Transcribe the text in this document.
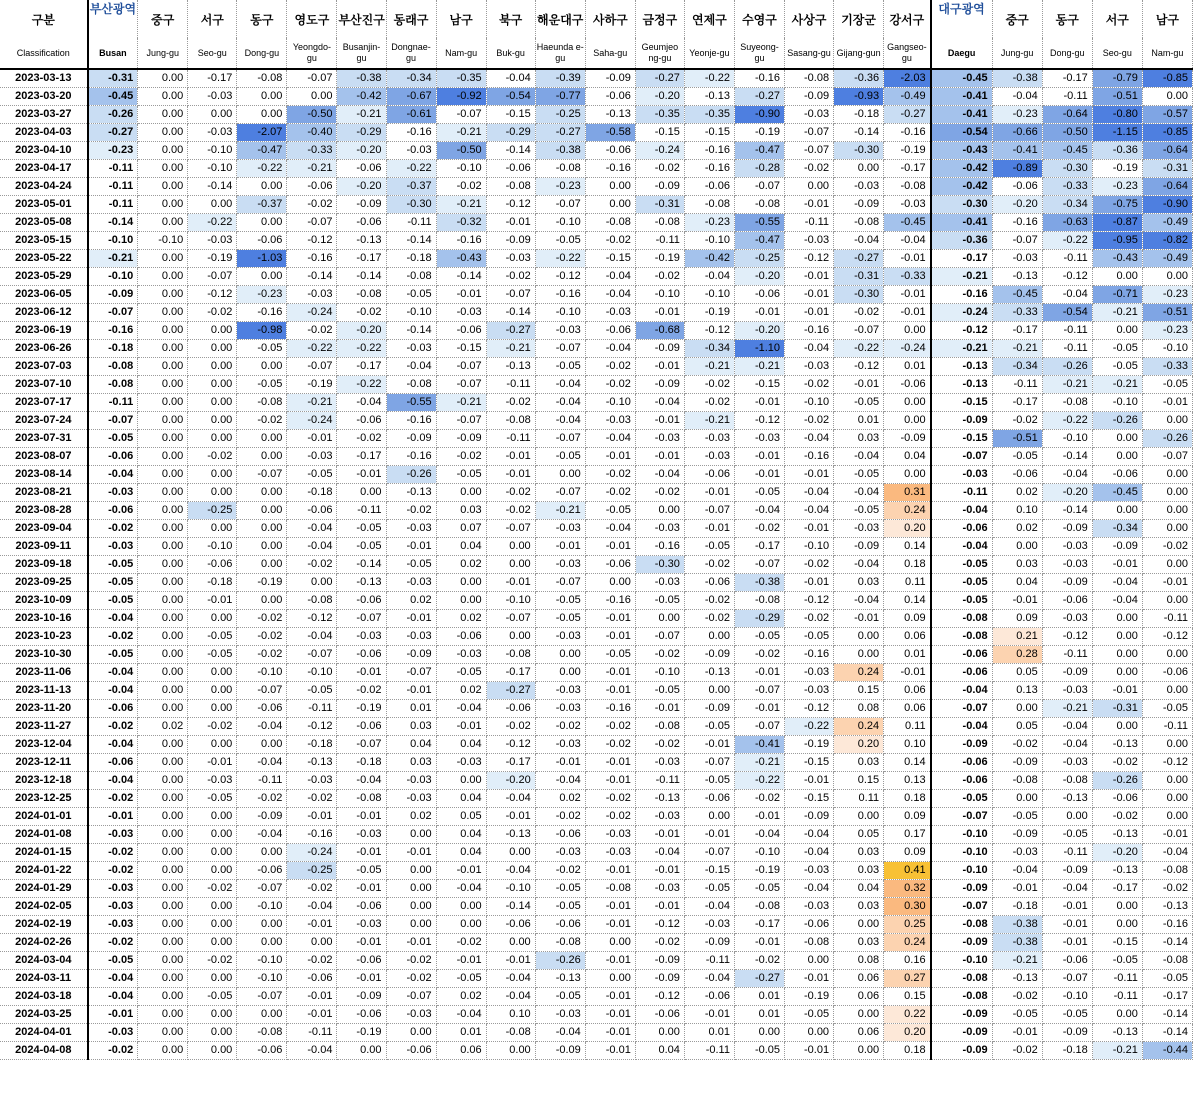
구분	부산광역	중구	서구	동구	영도구	부산진구	동래구	남구	북구	해운대구	사하구	금정구	연제구	수영구	사상구	기장군	강서구	대구광역	중구	동구	서구	남구
Classification	Busan	Jung-gu	Seo-gu	Dong-gu	Yeongdo-gu	Busanjin-gu	Dongnae-gu	Nam-gu	Buk-gu	Haeunda e-gu	Saha-gu	Geumjeo ng-gu	Yeonje-gu	Suyeong-gu	Sasang-gu	Gijang-gun	Gangseo-gu	Daegu	Jung-gu	Dong-gu	Seo-gu	Nam-gu
2023-03-13	-0.31	0.00	-0.17	-0.08	-0.07	-0.38	-0.34	-0.35	-0.04	-0.39	-0.09	-0.27	-0.22	-0.16	-0.08	-0.36	-2.03	-0.45	-0.38	-0.17	-0.79	-0.85
2023-03-20	-0.45	0.00	-0.03	0.00	0.00	-0.42	-0.67	-0.92	-0.54	-0.77	-0.06	-0.20	-0.13	-0.27	-0.09	-0.93	-0.49	-0.41	-0.04	-0.11	-0.51	0.00
2023-03-27	-0.26	0.00	0.00	0.00	-0.50	-0.21	-0.61	-0.07	-0.15	-0.25	-0.13	-0.35	-0.35	-0.90	-0.03	-0.18	-0.27	-0.41	-0.23	-0.64	-0.80	-0.57
2023-04-03	-0.27	0.00	-0.03	-2.07	-0.40	-0.29	-0.16	-0.21	-0.29	-0.27	-0.58	-0.15	-0.15	-0.19	-0.07	-0.14	-0.16	-0.54	-0.66	-0.50	-1.15	-0.85
2023-04-10	-0.23	0.00	-0.10	-0.47	-0.33	-0.20	-0.03	-0.50	-0.14	-0.38	-0.06	-0.24	-0.16	-0.47	-0.07	-0.30	-0.19	-0.43	-0.41	-0.45	-0.36	-0.64
2023-04-17	-0.11	0.00	-0.10	-0.22	-0.21	-0.06	-0.22	-0.10	-0.06	-0.08	-0.16	-0.02	-0.16	-0.28	-0.02	0.00	-0.17	-0.42	-0.89	-0.30	-0.19	-0.31
2023-04-24	-0.11	0.00	-0.14	0.00	-0.06	-0.20	-0.37	-0.02	-0.08	-0.23	0.00	-0.09	-0.06	-0.07	0.00	-0.03	-0.08	-0.42	-0.06	-0.33	-0.23	-0.64
2023-05-01	-0.11	0.00	0.00	-0.37	-0.02	-0.09	-0.30	-0.21	-0.12	-0.07	0.00	-0.31	-0.08	-0.08	-0.01	-0.09	-0.03	-0.30	-0.20	-0.34	-0.75	-0.90
2023-05-08	-0.14	0.00	-0.22	0.00	-0.07	-0.06	-0.11	-0.32	-0.01	-0.10	-0.08	-0.08	-0.23	-0.55	-0.11	-0.08	-0.45	-0.41	-0.16	-0.63	-0.87	-0.49
2023-05-15	-0.10	-0.10	-0.03	-0.06	-0.12	-0.13	-0.14	-0.16	-0.09	-0.05	-0.02	-0.11	-0.10	-0.47	-0.03	-0.04	-0.04	-0.36	-0.07	-0.22	-0.95	-0.82
2023-05-22	-0.21	0.00	-0.19	-1.03	-0.16	-0.17	-0.18	-0.43	-0.03	-0.22	-0.15	-0.19	-0.42	-0.25	-0.12	-0.27	-0.01	-0.17	-0.03	-0.11	-0.43	-0.49
2023-05-29	-0.10	0.00	-0.07	0.00	-0.14	-0.14	-0.08	-0.14	-0.02	-0.12	-0.04	-0.02	-0.04	-0.20	-0.01	-0.31	-0.33	-0.21	-0.13	-0.12	0.00	0.00
2023-06-05	-0.09	0.00	-0.12	-0.23	-0.03	-0.08	-0.05	-0.01	-0.07	-0.16	-0.04	-0.10	-0.10	-0.06	-0.01	-0.30	-0.01	-0.16	-0.45	-0.04	-0.71	-0.23
2023-06-12	-0.07	0.00	-0.02	-0.16	-0.24	-0.02	-0.10	-0.03	-0.14	-0.10	-0.03	-0.01	-0.19	-0.01	-0.01	-0.02	-0.01	-0.24	-0.33	-0.54	-0.21	-0.51
2023-06-19	-0.16	0.00	0.00	-0.98	-0.02	-0.20	-0.14	-0.06	-0.27	-0.03	-0.06	-0.68	-0.12	-0.20	-0.16	-0.07	0.00	-0.12	-0.17	-0.11	0.00	-0.23
2023-06-26	-0.18	0.00	0.00	-0.05	-0.22	-0.22	-0.03	-0.15	-0.21	-0.07	-0.04	-0.09	-0.34	-1.10	-0.04	-0.22	-0.24	-0.21	-0.21	-0.11	-0.05	-0.10
2023-07-03	-0.08	0.00	0.00	0.00	-0.07	-0.17	-0.04	-0.07	-0.13	-0.05	-0.02	-0.01	-0.21	-0.21	-0.03	-0.12	0.01	-0.13	-0.34	-0.26	-0.05	-0.33
2023-07-10	-0.08	0.00	0.00	-0.05	-0.19	-0.22	-0.08	-0.07	-0.11	-0.04	-0.02	-0.09	-0.02	-0.15	-0.02	-0.01	-0.06	-0.13	-0.11	-0.21	-0.21	-0.05
2023-07-17	-0.11	0.00	0.00	-0.08	-0.21	-0.04	-0.55	-0.21	-0.02	-0.04	-0.10	-0.04	-0.02	-0.01	-0.10	-0.05	0.00	-0.15	-0.17	-0.08	-0.10	-0.01
2023-07-24	-0.07	0.00	0.00	-0.02	-0.24	-0.06	-0.16	-0.07	-0.08	-0.04	-0.03	-0.01	-0.21	-0.12	-0.02	0.01	0.00	-0.09	-0.02	-0.22	-0.26	0.00
2023-07-31	-0.05	0.00	0.00	0.00	-0.01	-0.02	-0.09	-0.09	-0.11	-0.07	-0.04	-0.03	-0.03	-0.03	-0.04	0.03	-0.09	-0.15	-0.51	-0.10	0.00	-0.26
2023-08-07	-0.06	0.00	-0.02	0.00	-0.03	-0.17	-0.16	-0.02	-0.01	-0.05	-0.01	-0.01	-0.03	-0.01	-0.16	-0.04	0.04	-0.07	-0.05	-0.14	0.00	-0.07
2023-08-14	-0.04	0.00	0.00	-0.07	-0.05	-0.01	-0.26	-0.05	-0.01	0.00	-0.02	-0.04	-0.06	-0.01	-0.01	-0.05	0.00	-0.03	-0.06	-0.04	-0.06	0.00
2023-08-21	-0.03	0.00	0.00	0.00	-0.18	0.00	-0.13	0.00	-0.02	-0.07	-0.02	-0.02	-0.01	-0.05	-0.04	-0.04	0.31	-0.11	0.02	-0.20	-0.45	0.00
2023-08-28	-0.06	0.00	-0.25	0.00	-0.06	-0.11	-0.02	0.03	-0.02	-0.21	-0.05	0.00	-0.07	-0.04	-0.04	-0.05	0.24	-0.04	0.10	-0.14	0.00	0.00
2023-09-04	-0.02	0.00	0.00	0.00	-0.04	-0.05	-0.03	0.07	-0.07	-0.03	-0.04	-0.03	-0.01	-0.02	-0.01	-0.03	0.20	-0.06	0.02	-0.09	-0.34	0.00
2023-09-11	-0.03	0.00	-0.10	0.00	-0.04	-0.05	-0.01	0.04	0.00	-0.01	-0.01	-0.16	-0.05	-0.17	-0.10	-0.09	0.14	-0.04	0.00	-0.03	-0.09	-0.02
2023-09-18	-0.05	0.00	-0.06	0.00	-0.02	-0.14	-0.05	0.02	0.00	-0.03	-0.06	-0.30	-0.02	-0.07	-0.02	-0.04	0.18	-0.05	0.03	-0.03	-0.01	0.00
2023-09-25	-0.05	0.00	-0.18	-0.19	0.00	-0.13	-0.03	0.00	-0.01	-0.07	0.00	-0.03	-0.06	-0.38	-0.01	0.03	0.11	-0.05	0.04	-0.09	-0.04	-0.01
2023-10-09	-0.05	0.00	-0.01	0.00	-0.08	-0.06	0.02	0.00	-0.10	-0.05	-0.16	-0.05	-0.02	-0.08	-0.12	-0.04	0.14	-0.05	-0.01	-0.06	-0.04	0.00
2023-10-16	-0.04	0.00	0.00	-0.02	-0.12	-0.07	-0.01	0.02	-0.07	-0.05	-0.01	0.00	-0.02	-0.29	-0.02	-0.01	0.09	-0.08	0.09	-0.03	0.00	-0.11
2023-10-23	-0.02	0.00	-0.05	-0.02	-0.04	-0.03	-0.03	-0.06	0.00	-0.03	-0.01	-0.07	0.00	-0.05	-0.05	0.00	0.06	-0.08	0.21	-0.12	0.00	-0.12
2023-10-30	-0.05	0.00	-0.05	-0.02	-0.07	-0.06	-0.09	-0.03	-0.08	0.00	-0.05	-0.02	-0.09	-0.02	-0.16	0.00	0.01	-0.06	0.28	-0.11	0.00	0.00
2023-11-06	-0.04	0.00	0.00	-0.10	-0.10	-0.01	-0.07	-0.05	-0.17	0.00	-0.01	-0.10	-0.13	-0.01	-0.03	0.24	-0.01	-0.06	0.05	-0.09	0.00	-0.06
2023-11-13	-0.04	0.00	0.00	-0.07	-0.05	-0.02	-0.01	0.02	-0.27	-0.03	-0.01	-0.05	0.00	-0.07	-0.03	0.15	0.06	-0.04	0.13	-0.03	-0.01	0.00
2023-11-20	-0.06	0.00	0.00	-0.06	-0.11	-0.19	0.01	-0.04	-0.06	-0.03	-0.16	-0.01	-0.09	-0.01	-0.12	0.08	0.06	-0.07	0.00	-0.21	-0.31	-0.05
2023-11-27	-0.02	0.02	-0.02	-0.04	-0.12	-0.06	0.03	-0.01	-0.02	-0.02	-0.02	-0.08	-0.05	-0.07	-0.22	0.24	0.11	-0.04	0.05	-0.04	0.00	-0.11
2023-12-04	-0.04	0.00	0.00	0.00	-0.18	-0.07	0.04	0.04	-0.12	-0.03	-0.02	-0.02	-0.01	-0.41	-0.19	0.20	0.10	-0.09	-0.02	-0.04	-0.13	0.00
2023-12-11	-0.06	0.00	-0.01	-0.04	-0.13	-0.18	0.03	-0.03	-0.17	-0.01	-0.01	-0.03	-0.07	-0.21	-0.15	0.03	0.14	-0.06	-0.09	-0.03	-0.02	-0.12
2023-12-18	-0.04	0.00	-0.03	-0.11	-0.03	-0.04	-0.03	0.00	-0.20	-0.04	-0.01	-0.11	-0.05	-0.22	-0.01	0.15	0.13	-0.06	-0.08	-0.08	-0.26	0.00
2023-12-25	-0.02	0.00	-0.05	-0.02	-0.02	-0.08	-0.03	0.04	-0.04	0.02	-0.02	-0.13	-0.06	-0.02	-0.15	0.11	0.18	-0.05	0.00	-0.13	-0.06	0.00
2024-01-01	-0.01	0.00	0.00	-0.09	-0.01	-0.01	0.02	0.05	-0.01	-0.02	-0.02	-0.03	0.00	-0.01	-0.09	0.00	0.09	-0.07	-0.05	0.00	-0.02	0.00
2024-01-08	-0.03	0.00	0.00	-0.04	-0.16	-0.03	0.00	0.04	-0.13	-0.06	-0.03	-0.01	-0.01	-0.04	-0.04	0.05	0.17	-0.10	-0.09	-0.05	-0.13	-0.01
2024-01-15	-0.02	0.00	0.00	0.00	-0.24	-0.01	-0.01	0.04	0.00	-0.03	-0.03	-0.04	-0.07	-0.10	-0.04	0.03	0.09	-0.10	-0.03	-0.11	-0.20	-0.04
2024-01-22	-0.02	0.00	0.00	-0.06	-0.25	-0.05	0.00	-0.01	-0.04	-0.02	-0.01	-0.01	-0.15	-0.19	-0.03	0.03	0.41	-0.10	-0.04	-0.09	-0.13	-0.08
2024-01-29	-0.03	0.00	-0.02	-0.07	-0.02	-0.01	0.00	-0.04	-0.10	-0.05	-0.08	-0.03	-0.05	-0.05	-0.04	0.04	0.32	-0.09	-0.01	-0.04	-0.17	-0.02
2024-02-05	-0.03	0.00	0.00	-0.10	-0.04	-0.06	0.00	0.00	-0.14	-0.05	-0.01	-0.01	-0.04	-0.08	-0.03	0.03	0.30	-0.07	-0.18	-0.01	0.00	-0.13
2024-02-19	-0.03	0.00	0.00	0.00	-0.01	-0.03	0.00	0.00	-0.06	-0.06	-0.01	-0.12	-0.03	-0.17	-0.06	0.00	0.25	-0.08	-0.38	-0.01	0.00	-0.16
2024-02-26	-0.02	0.00	0.00	0.00	0.00	-0.01	-0.01	-0.02	0.00	-0.08	0.00	-0.02	-0.09	-0.01	-0.08	0.03	0.24	-0.09	-0.38	-0.01	-0.15	-0.14
2024-03-04	-0.05	0.00	-0.02	-0.10	-0.02	-0.06	-0.02	-0.01	-0.01	-0.26	-0.01	-0.09	-0.11	-0.02	0.00	0.08	0.16	-0.10	-0.21	-0.06	-0.05	-0.08
2024-03-11	-0.04	0.00	0.00	-0.10	-0.06	-0.01	-0.02	-0.05	-0.04	-0.13	0.00	-0.09	-0.04	-0.27	-0.01	0.06	0.27	-0.08	-0.13	-0.07	-0.11	-0.05
2024-03-18	-0.04	0.00	-0.05	-0.07	-0.01	-0.09	-0.07	0.02	-0.04	-0.05	-0.01	-0.12	-0.06	0.01	-0.19	0.06	0.15	-0.08	-0.02	-0.10	-0.11	-0.17
2024-03-25	-0.01	0.00	0.00	0.00	-0.01	-0.06	-0.03	-0.04	0.10	-0.03	-0.01	-0.06	-0.01	0.01	-0.05	0.00	0.22	-0.09	-0.05	-0.05	0.00	-0.14
2024-04-01	-0.03	0.00	0.00	-0.08	-0.11	-0.19	0.00	0.01	-0.08	-0.04	-0.01	0.00	0.01	0.00	0.00	0.06	0.20	-0.09	-0.01	-0.09	-0.13	-0.14
2024-04-08	-0.02	0.00	0.00	-0.06	-0.04	0.00	-0.06	0.06	0.00	-0.09	-0.01	0.04	-0.11	-0.05	-0.01	0.00	0.18	-0.09	-0.02	-0.18	-0.21	-0.44
